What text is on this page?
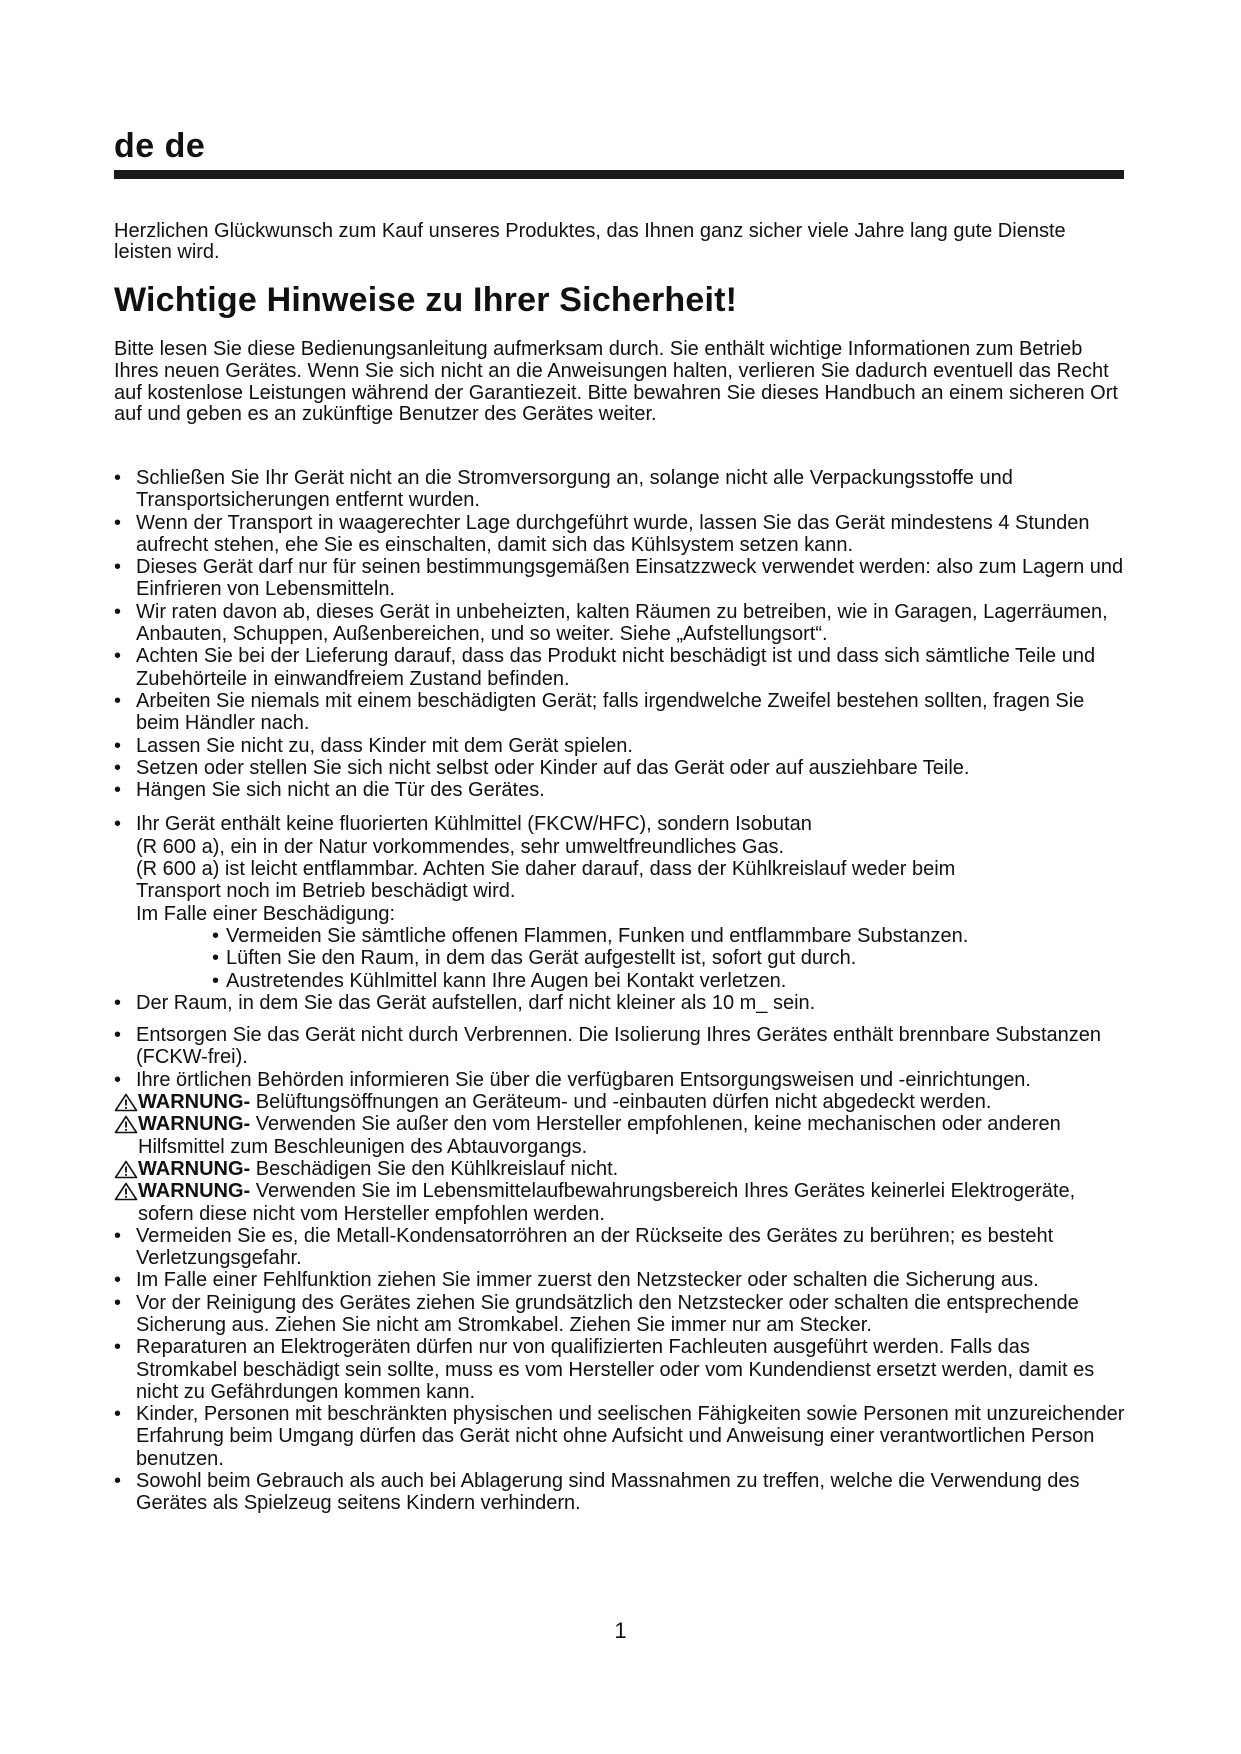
de de
Herzlichen Glückwunsch zum Kauf unseres Produktes, das Ihnen ganz sicher viele Jahre lang gute Dienste leisten wird.
Wichtige Hinweise zu Ihrer Sicherheit!
Bitte lesen Sie diese Bedienungsanleitung aufmerksam durch. Sie enthält wichtige Informationen zum Betrieb Ihres neuen Gerätes. Wenn Sie sich nicht an die Anweisungen halten, verlieren Sie dadurch eventuell das Recht auf kostenlose Leistungen während der Garantiezeit. Bitte bewahren Sie dieses Handbuch an einem sicheren Ort auf und geben es an zukünftige Benutzer des Gerätes weiter.
• Schließen Sie Ihr Gerät nicht an die Stromversorgung an, solange nicht alle Verpackungsstoffe und Transportsicherungen entfernt wurden.
• Wenn der Transport in waagerechter Lage durchgeführt wurde, lassen Sie das Gerät mindestens 4 Stunden aufrecht stehen, ehe Sie es einschalten, damit sich das Kühlsystem setzen kann.
• Dieses Gerät darf nur für seinen bestimmungsgemäßen Einsatzzweck verwendet werden: also zum Lagern und Einfrieren von Lebensmitteln.
• Wir raten davon ab, dieses Gerät in unbeheizten, kalten Räumen zu betreiben, wie in Garagen, Lagerräumen, Anbauten, Schuppen, Außenbereichen, und so weiter. Siehe „Aufstellungsort“.
• Achten Sie bei der Lieferung darauf, dass das Produkt nicht beschädigt ist und dass sich sämtliche Teile und Zubehörteile in einwandfreiem Zustand befinden.
• Arbeiten Sie niemals mit einem beschädigten Gerät; falls irgendwelche Zweifel bestehen sollten, fragen Sie beim Händler nach.
• Lassen Sie nicht zu, dass Kinder mit dem Gerät spielen.
• Setzen oder stellen Sie sich nicht selbst oder Kinder auf das Gerät oder auf ausziehbare Teile.
• Hängen Sie sich nicht an die Tür des Gerätes.
• Ihr Gerät enthält keine fluorierten Kühlmittel (FKCW/HFC), sondern Isobutan
(R 600 a), ein in der Natur vorkommendes, sehr umweltfreundliches Gas.
(R 600 a) ist leicht entflammbar. Achten Sie daher darauf, dass der Kühlkreislauf weder beim
Transport noch im Betrieb beschädigt wird.
Im Falle einer Beschädigung:
• Vermeiden Sie sämtliche offenen Flammen, Funken und entflammbare Substanzen.
• Lüften Sie den Raum, in dem das Gerät aufgestellt ist, sofort gut durch.
• Austretendes Kühlmittel kann Ihre Augen bei Kontakt verletzen.
• Der Raum, in dem Sie das Gerät aufstellen, darf nicht kleiner als 10 m_ sein.
• Entsorgen Sie das Gerät nicht durch Verbrennen. Die Isolierung Ihres Gerätes enthält brennbare Substanzen (FCKW-frei).
• Ihre örtlichen Behörden informieren Sie über die verfügbaren Entsorgungsweisen und -einrichtungen.
WARNUNG- Belüftungsöffnungen an Geräteum- und -einbauten dürfen nicht abgedeckt werden.
WARNUNG- Verwenden Sie außer den vom Hersteller empfohlenen, keine mechanischen oder anderen Hilfsmittel zum Beschleunigen des Abtauvorgangs.
WARNUNG- Beschädigen Sie den Kühlkreislauf nicht.
WARNUNG- Verwenden Sie im Lebensmittelaufbewahrungsbereich Ihres Gerätes keinerlei Elektrogeräte, sofern diese nicht vom Hersteller empfohlen werden.
• Vermeiden Sie es, die Metall-Kondensatorröhren an der Rückseite des Gerätes zu berühren; es besteht Verletzungsgefahr.
• Im Falle einer Fehlfunktion ziehen Sie immer zuerst den Netzstecker oder schalten die Sicherung aus.
• Vor der Reinigung des Gerätes ziehen Sie grundsätzlich den Netzstecker oder schalten die entsprechende Sicherung aus. Ziehen Sie nicht am Stromkabel. Ziehen Sie immer nur am Stecker.
• Reparaturen an Elektrogeräten dürfen nur von qualifizierten Fachleuten ausgeführt werden. Falls das Stromkabel beschädigt sein sollte, muss es vom Hersteller oder vom Kundendienst ersetzt werden, damit es nicht zu Gefährdungen kommen kann.
• Kinder, Personen mit beschränkten physischen und seelischen Fähigkeiten sowie Personen mit unzureichender Erfahrung beim Umgang dürfen das Gerät nicht ohne Aufsicht und Anweisung einer verantwortlichen Person benutzen.
• Sowohl beim Gebrauch als auch bei Ablagerung sind Massnahmen zu treffen, welche die Verwendung des Gerätes als Spielzeug seitens Kindern verhindern.
1
